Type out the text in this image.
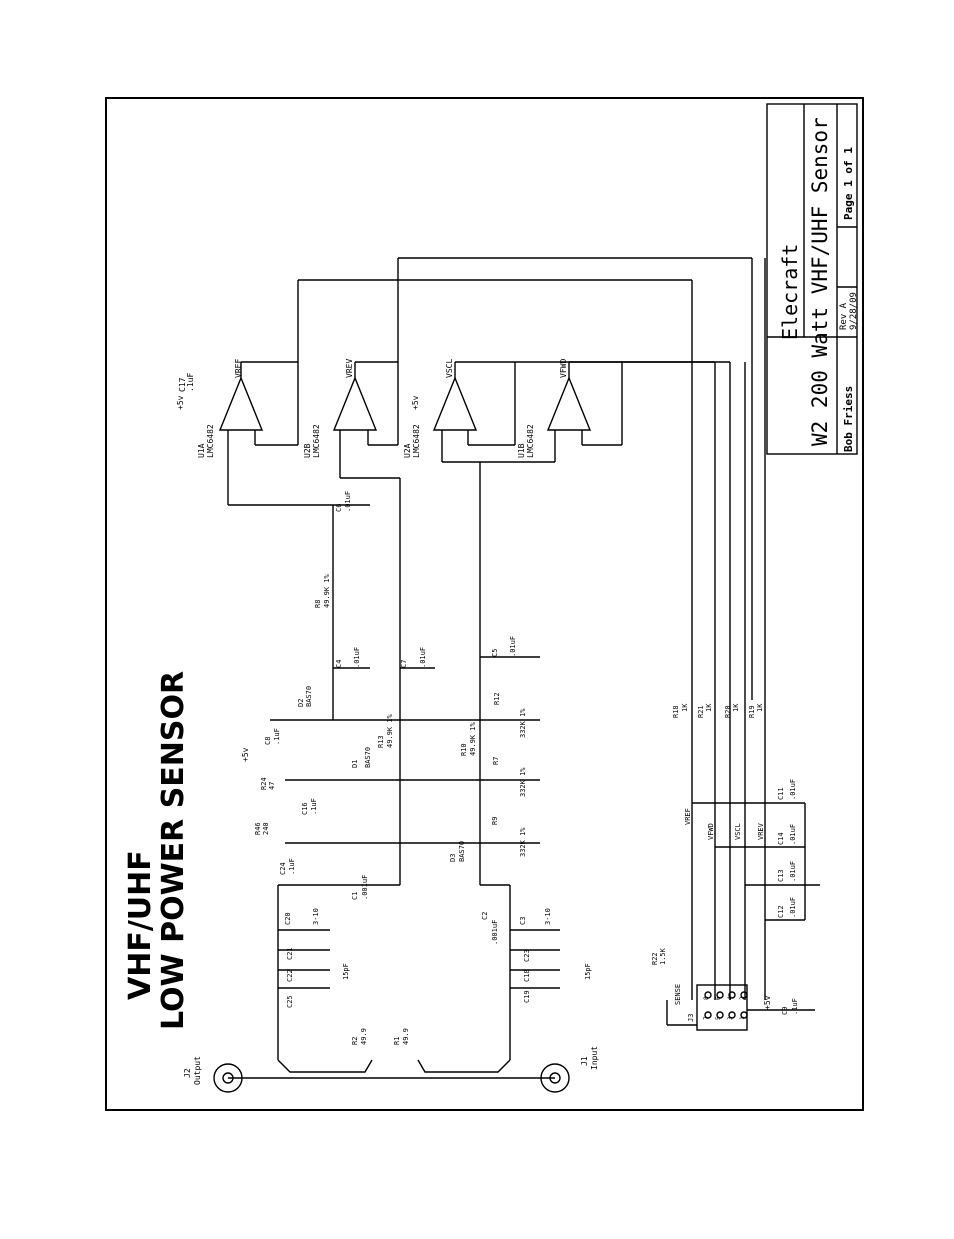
Elecraft W2 200 Watt VHF/UHF Sensor Bob Friess
Rev A 9/28/09
Page 1 of 1
VHF/UHF
LOW POWER SENSOR
U1A LMC6482
VREF
U2B LMC6482
VREV
U2A LMC6482
VSCL
U1B LMC6482
VFWD
+5v	+5v
C17 .1uF
C6 .01uF
R8 49.9K 1%
C4 .01uF	C7 .01uF	C5 .01uF
D2 BAS70
C8 .1uF
R12
332K 1%
R13 49.9K 1%
R10 49.9K 1%
D1 BAS70
+5v
R24 47
R7
332K 1%
C16 .1uF
R46 240
C24 .1uF
D3 BAS70
R9
332K 1%
C1 .001uF
C2
.001uF
C20	3-10
C21
C22
C25
15pF
C3 3-10
C23
C18
C19
15pF
R2 49.9	R1 49.9
J2 Output	J1 Input
R18 1K R21 1K R20 1K R19 1K
VREF
VFWD	VSCL VREV
C11 .01uF
C14 .01uF
C13 .01uF
C12 .01uF
J3
8 6 4 2
7 5 3 1
R22 1.5K
SENSE	+5v
C9 .1uF
